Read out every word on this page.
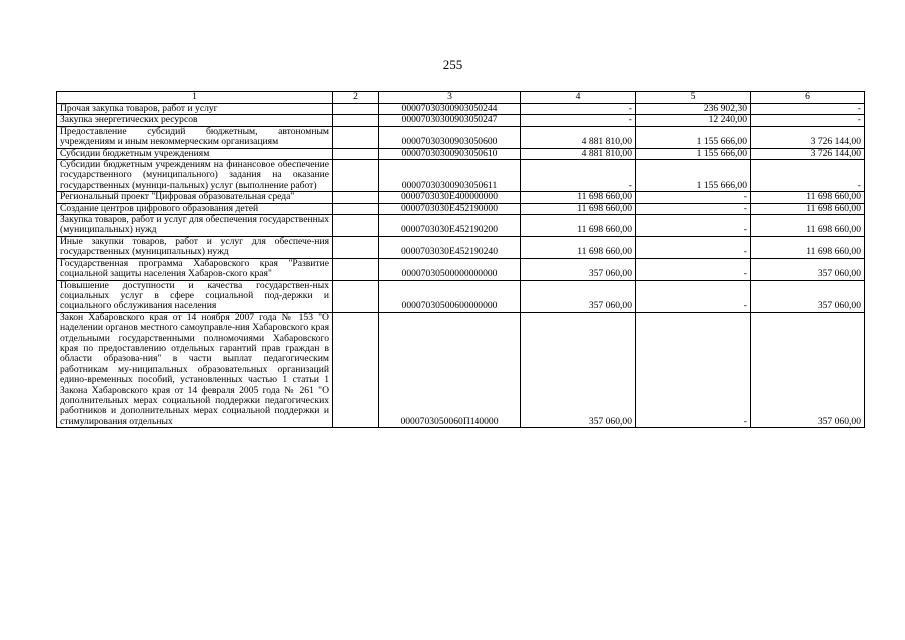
255
1	2	3	4	5	6
Прочая закупка товаров, работ и услуг		00007030300903050244	-	236 902,30	-
Закупка энергетических ресурсов		00007030300903050247	-	12 240,00	-
Предоставление субсидий бюджетным, автономным учреждениям и иным некоммерческим организациям		00007030300903050600	4 881 810,00	1 155 666,00	3 726 144,00
Субсидии бюджетным учреждениям		00007030300903050610	4 881 810,00	1 155 666,00	3 726 144,00
Субсидии бюджетным учреждениям на финансовое обеспечение государственного (муниципального) задания на оказание государственных (муници-пальных) услуг (выполнение работ)		00007030300903050611	-	1 155 666,00	-
Региональный проект "Цифровая образовательная среда"		0000703030E400000000	11 698 660,00	-	11 698 660,00
Создание центров цифрового образования детей		0000703030E452190000	11 698 660,00	-	11 698 660,00
Закупка товаров, работ и услуг для обеспечения государственных (муниципальных) нужд		0000703030E452190200	11 698 660,00	-	11 698 660,00
Иные закупки товаров, работ и услуг для обеспече-ния государственных (муниципальных) нужд		0000703030E452190240	11 698 660,00	-	11 698 660,00
Государственная программа Хабаровского края "Развитие социальной защиты населения Хабаров-ского края"		00007030500000000000	357 060,00	-	357 060,00
Повышение доступности и качества государствен-ных социальных услуг в сфере социальной под-держки и социального обслуживания населения		00007030500600000000	357 060,00	-	357 060,00
Закон Хабаровского края от 14 ноября 2007 года № 153 "О наделении органов местного самоуправле-ния Хабаровского края отдельными государственными полномочиями Хабаровского края по предоставлению отдельных гарантий прав граждан в области образова-ния" в части выплат педагогическим работникам му-ниципальных образовательных организаций едино-временных пособий, установленных частью 1 статьи 1 Закона Хабаровского края от 14 февраля 2005 года № 261 "О дополнительных мерах социальной поддержки педагогических работников и дополнительных мерах социальной поддержки и стимулирования отдельных		0000703050060П140000	357 060,00	-	357 060,00
